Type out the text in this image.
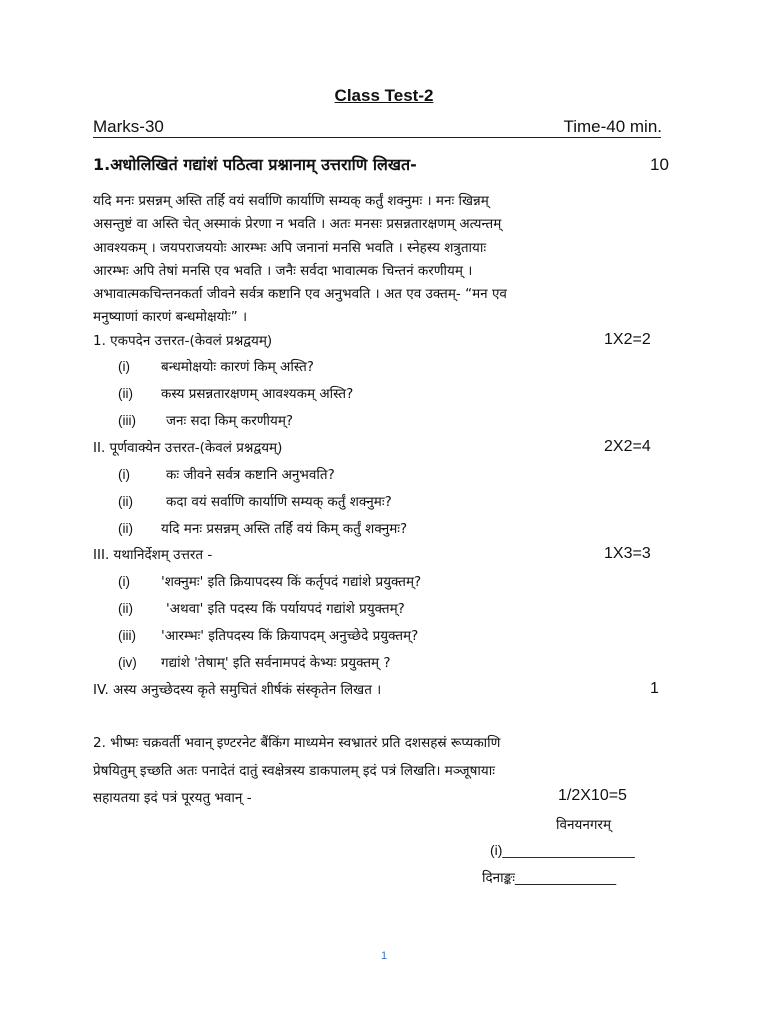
Class Test-2
Marks-30	Time-40 min.
1.अधोलिखितं गद्यांशं पठित्वा प्रश्नानाम् उत्तराणि लिखत-	10
यदि मनः प्रसन्नम् अस्ति तर्हि वयं सर्वाणि कार्याणि सम्यक् कर्तुं शक्नुमः । मनः खिन्नम्
असन्तुष्टं वा अस्ति चेत् अस्माकं प्रेरणा न भवति । अतः मनसः प्रसन्नतारक्षणम् अत्यन्तम्
आवश्यकम् । जयपराजययोः आरम्भः अपि जनानां मनसि भवति । स्नेहस्य शत्रुतायाः
आरम्भः अपि तेषां मनसि एव भवति । जनैः सर्वदा भावात्मक चिन्तनं करणीयम् ।
अभावात्मकचिन्तनकर्ता जीवने सर्वत्र कष्टानि एव अनुभवति । अत एव उक्तम्- “मन एव
मनुष्याणां कारणं बन्धमोक्षयोः” ।
1. एकपदेन उत्तरत-(केवलं प्रश्नद्वयम्)	1X2=2
(i) बन्धमोक्षयोः कारणं किम् अस्ति?
(ii) कस्य प्रसन्नतारक्षणम् आवश्यकम् अस्ति?
(iii) जनः सदा किम् करणीयम्?
II. पूर्णवाक्येन उत्तरत-(केवलं प्रश्नद्वयम्)	2X2=4
(i)	कः जीवने सर्वत्र कष्टानि अनुभवति?
(ii) कदा वयं सर्वाणि कार्याणि सम्यक् कर्तुं शक्नुमः?
(ii) यदि मनः प्रसन्नम् अस्ति तर्हि वयं किम् कर्तुं शक्नुमः?
III. यथानिर्देशम् उत्तरत -	1X3=3
(i) 'शक्नुमः' इति क्रियापदस्य किं कर्तृपदं गद्यांशे प्रयुक्तम्?
(ii) 'अथवा' इति पदस्य किं पर्यायपदं गद्यांशे प्रयुक्तम्?
(iii) 'आरम्भः' इतिपदस्य किं क्रियापदम् अनुच्छेदे प्रयुक्तम्?
(iv) गद्यांशे 'तेषाम्' इति सर्वनामपदं केभ्यः प्रयुक्तम् ?
IV. अस्य अनुच्छेदस्य कृते समुचितं शीर्षकं संस्कृतेन लिखत ।	1
2. भीष्मः चक्रवर्ती भवान् इण्टरनेट बैंकिंग माध्यमेन स्वभ्रातरं प्रति दशसहस्रं रूप्यकाणि
प्रेषयितुम् इच्छति अतः पनादेतं दातुं स्वक्षेत्रस्य डाकपालम् इदं पत्रं लिखति। मञ्जूषायाः
सहायतया इदं पत्रं पूरयतु भवान् -	1/2X10=5
विनयनगरम्
(i)_________________
दिनाङ्कः_______________
1
